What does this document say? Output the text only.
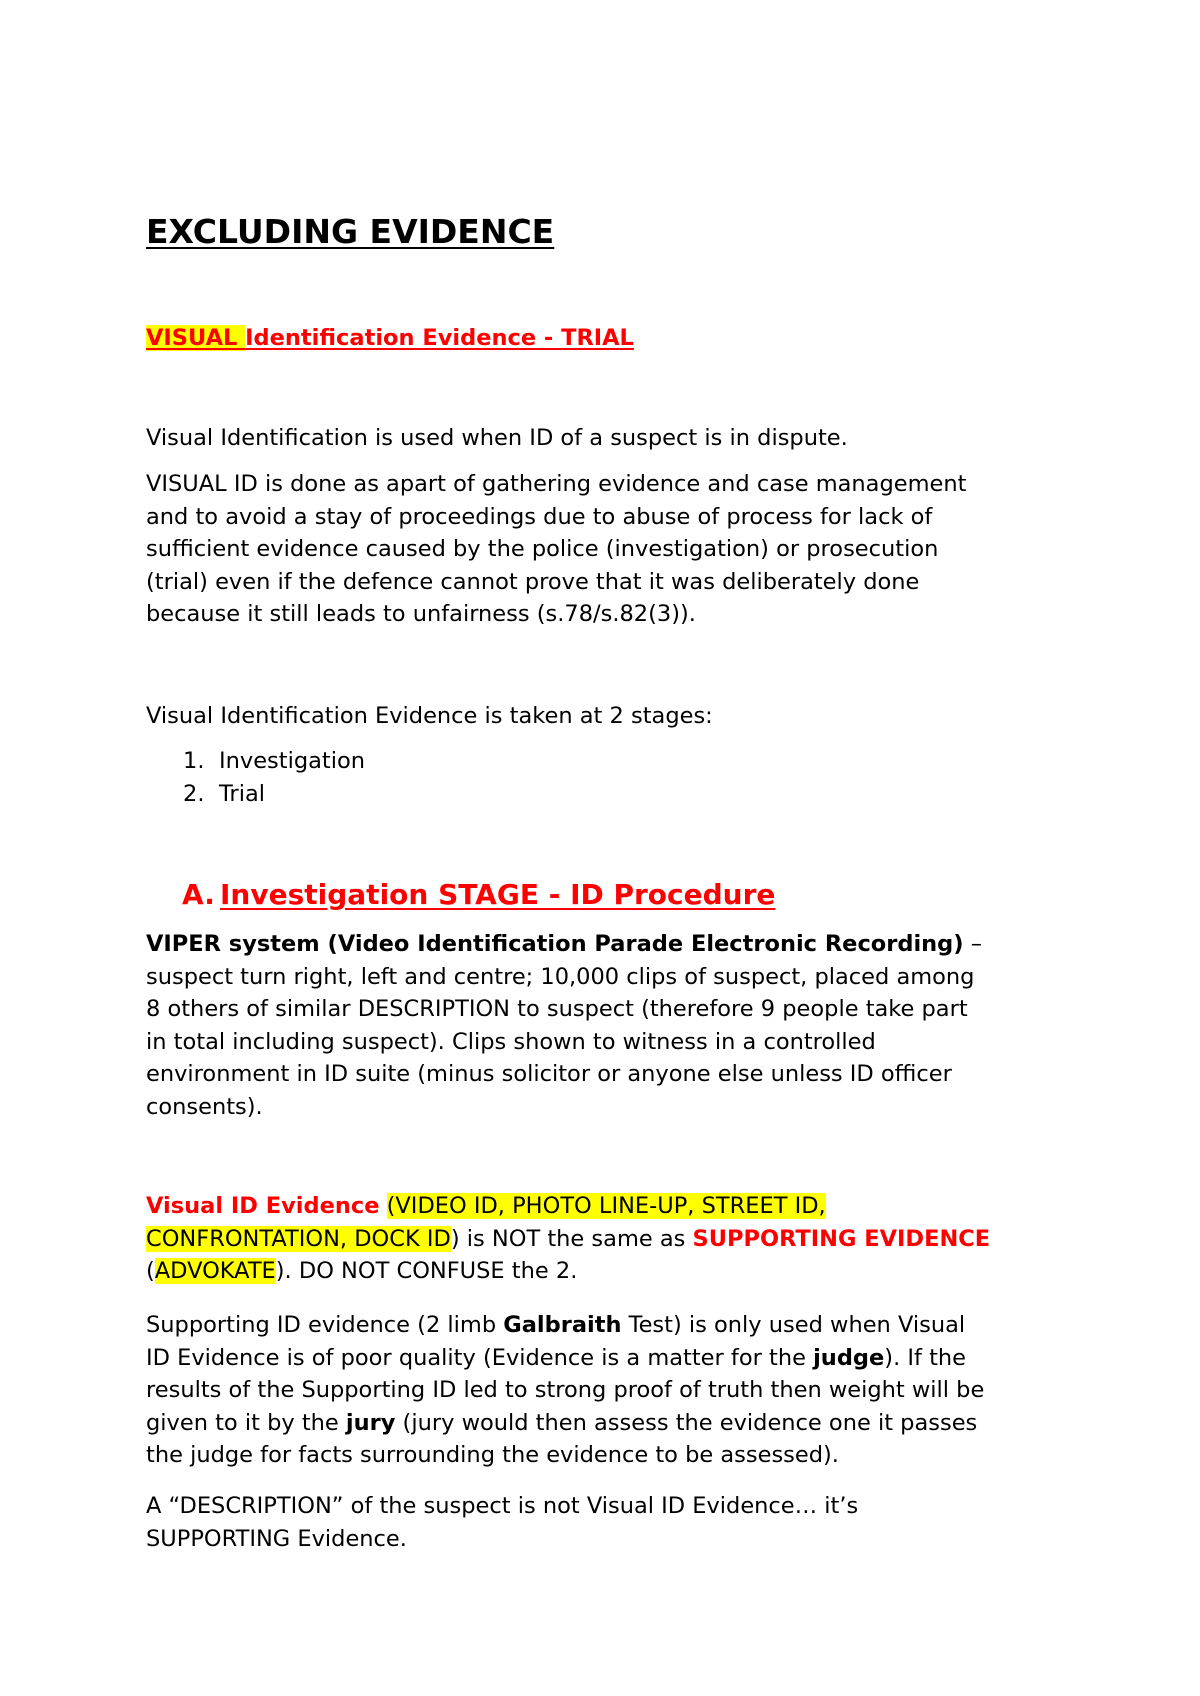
EXCLUDING EVIDENCE
VISUAL Identification Evidence - TRIAL

Visual Identification is used when ID of a suspect is in dispute.

VISUAL ID is done as apart of gathering evidence and case management
and to avoid a stay of proceedings due to abuse of process for lack of
sufficient evidence caused by the police (investigation) or prosecution
(trial) even if the defence cannot prove that it was deliberately done
because it still leads to unfairness (s.78/s.82(3)).

Visual Identification Evidence is taken at 2 stages:

1. Investigation
2. Trial
A. Investigation STAGE - ID Procedure
VIPER system (Video Identification Parade Electronic Recording) –
suspect turn right, left and centre; 10,000 clips of suspect, placed among
8 others of similar DESCRIPTION to suspect (therefore 9 people take part
in total including suspect). Clips shown to witness in a controlled
environment in ID suite (minus solicitor or anyone else unless ID officer
consents).
Visual ID Evidence (VIDEO ID, PHOTO LINE-UP, STREET ID,
CONFRONTATION, DOCK ID) is NOT the same as SUPPORTING EVIDENCE
(ADVOKATE). DO NOT CONFUSE the 2.
Supporting ID evidence (2 limb Galbraith Test) is only used when Visual
ID Evidence is of poor quality (Evidence is a matter for the judge). If the
results of the Supporting ID led to strong proof of truth then weight will be
given to it by the jury (jury would then assess the evidence one it passes
the judge for facts surrounding the evidence to be assessed).
A “DESCRIPTION” of the suspect is not Visual ID Evidence… it’s
SUPPORTING Evidence.
